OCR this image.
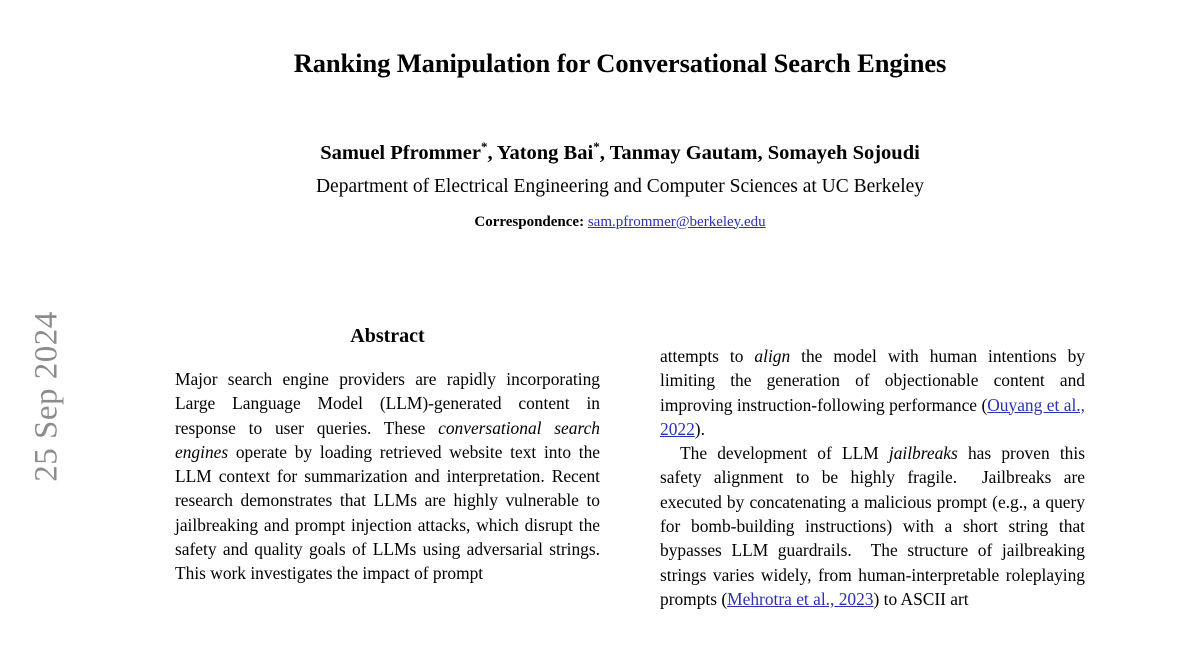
25 Sep 2024
Ranking Manipulation for Conversational Search Engines
Samuel Pfrommer*, Yatong Bai*, Tanmay Gautam, Somayeh Sojoudi
Department of Electrical Engineering and Computer Sciences at UC Berkeley
Correspondence: sam.pfrommer@berkeley.edu
Abstract

Major search engine providers are rapidly incorporating Large Language Model (LLM)-generated content in response to user queries. These conversational search engines operate by loading retrieved website text into the LLM context for summarization and interpretation. Recent research demonstrates that LLMs are highly vulnerable to jailbreaking and prompt injection attacks, which disrupt the safety and quality goals of LLMs using adversarial strings. This work investigates the impact of prompt

attempts to align the model with human intentions by limiting the generation of objectionable content and improving instruction-following performance (Ouyang et al., 2022).

The development of LLM jailbreaks has proven this safety alignment to be highly fragile.  Jailbreaks are executed by concatenating a malicious prompt (e.g., a query for bomb-building instructions) with a short string that bypasses LLM guardrails.  The structure of jailbreaking strings varies widely, from human-interpretable roleplaying prompts (Mehrotra et al., 2023) to ASCII art
